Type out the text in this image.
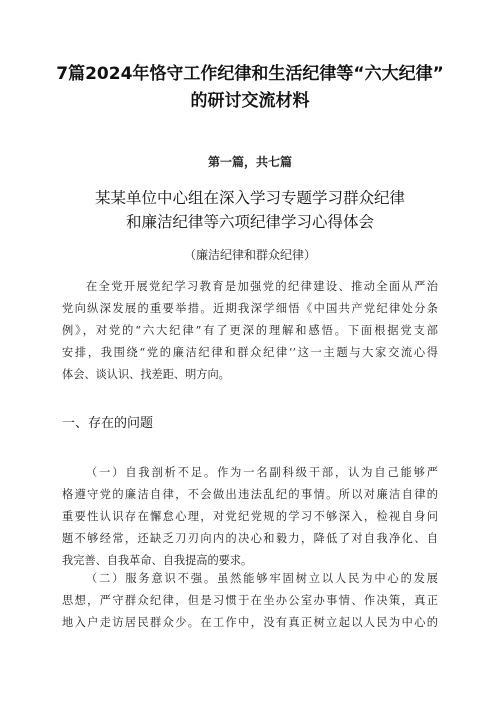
7篇2024年恪守工作纪律和生活纪律等“六大纪律”
的研讨交流材料
第一篇，共七篇
某某单位中心组在深入学习专题学习群众纪律
和廉洁纪律等六项纪律学习心得体会
（廉洁纪律和群众纪律）
在全党开展党纪学习教育是加强党的纪律建设、推动全面从严治
党向纵深发展的重要举措。近期我深学细悟《中国共产党纪律处分条
例》，对党的“六大纪律”有了更深的理解和感悟。下面根据党支部
安排，我围绕“党的廉洁纪律和群众纪律’’这一主题与大家交流心得
体会、谈认识、找差距、明方向。
一、存在的问题
（一）自我剖析不足。作为一名副科级干部，认为自己能够严
格遵守党的廉洁自律，不会做出违法乱纪的事情。所以对廉洁自律的
重要性认识存在懈怠心理，对党纪党规的学习不够深入，检视自身问
题不够经常，还缺乏刀刃向内的决心和毅力，降低了对自我净化、自
我完善、自我革命、自我提高的要求。
（二）服务意识不强。虽然能够牢固树立以人民为中心的发展
思想，严守群众纪律，但是习惯于在坐办公室办事情、作决策，真正
地入户走访居民群众少。在工作中，没有真正树立起以人民为中心的
